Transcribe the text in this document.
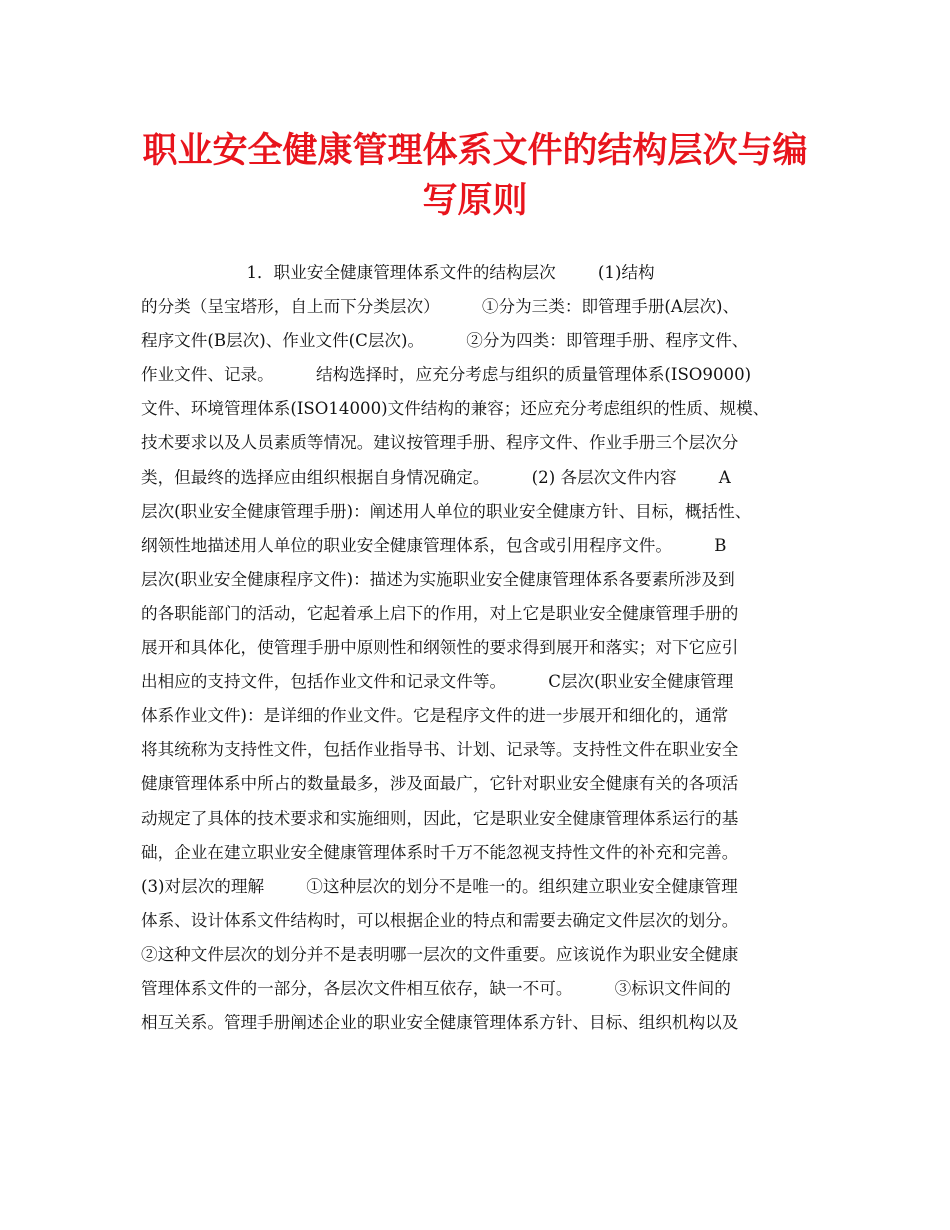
职业安全健康管理体系文件的结构层次与编
写原则
1．职业安全健康管理体系文件的结构层次        (1)结构
的分类（呈宝塔形，自上而下分类层次）        ①分为三类：即管理手册(A层次)、
程序文件(B层次)、作业文件(C层次)。        ②分为四类：即管理手册、程序文件、
作业文件、记录。        结构选择时，应充分考虑与组织的质量管理体系(ISO9000)
文件、环境管理体系(ISO14000)文件结构的兼容；还应充分考虑组织的性质、规模、
技术要求以及人员素质等情况。建议按管理手册、程序文件、作业手册三个层次分
类，但最终的选择应由组织根据自身情况确定。        (2) 各层次文件内容        A
层次(职业安全健康管理手册)：阐述用人单位的职业安全健康方针、目标，概括性、
纲领性地描述用人单位的职业安全健康管理体系，包含或引用程序文件。        B
层次(职业安全健康程序文件)：描述为实施职业安全健康管理体系各要素所涉及到
的各职能部门的活动，它起着承上启下的作用，对上它是职业安全健康管理手册的
展开和具体化，使管理手册中原则性和纲领性的要求得到展开和落实；对下它应引
出相应的支持文件，包括作业文件和记录文件等。        C层次(职业安全健康管理
体系作业文件)：是详细的作业文件。它是程序文件的进一步展开和细化的，通常
将其统称为支持性文件，包括作业指导书、计划、记录等。支持性文件在职业安全
健康管理体系中所占的数量最多，涉及面最广，它针对职业安全健康有关的各项活
动规定了具体的技术要求和实施细则，因此，它是职业安全健康管理体系运行的基
础，企业在建立职业安全健康管理体系时千万不能忽视支持性文件的补充和完善。
(3)对层次的理解        ①这种层次的划分不是唯一的。组织建立职业安全健康管理
体系、设计体系文件结构时，可以根据企业的特点和需要去确定文件层次的划分。
②这种文件层次的划分并不是表明哪一层次的文件重要。应该说作为职业安全健康
管理体系文件的一部分，各层次文件相互依存，缺一不可。        ③标识文件间的
相互关系。管理手册阐述企业的职业安全健康管理体系方针、目标、组织机构以及
